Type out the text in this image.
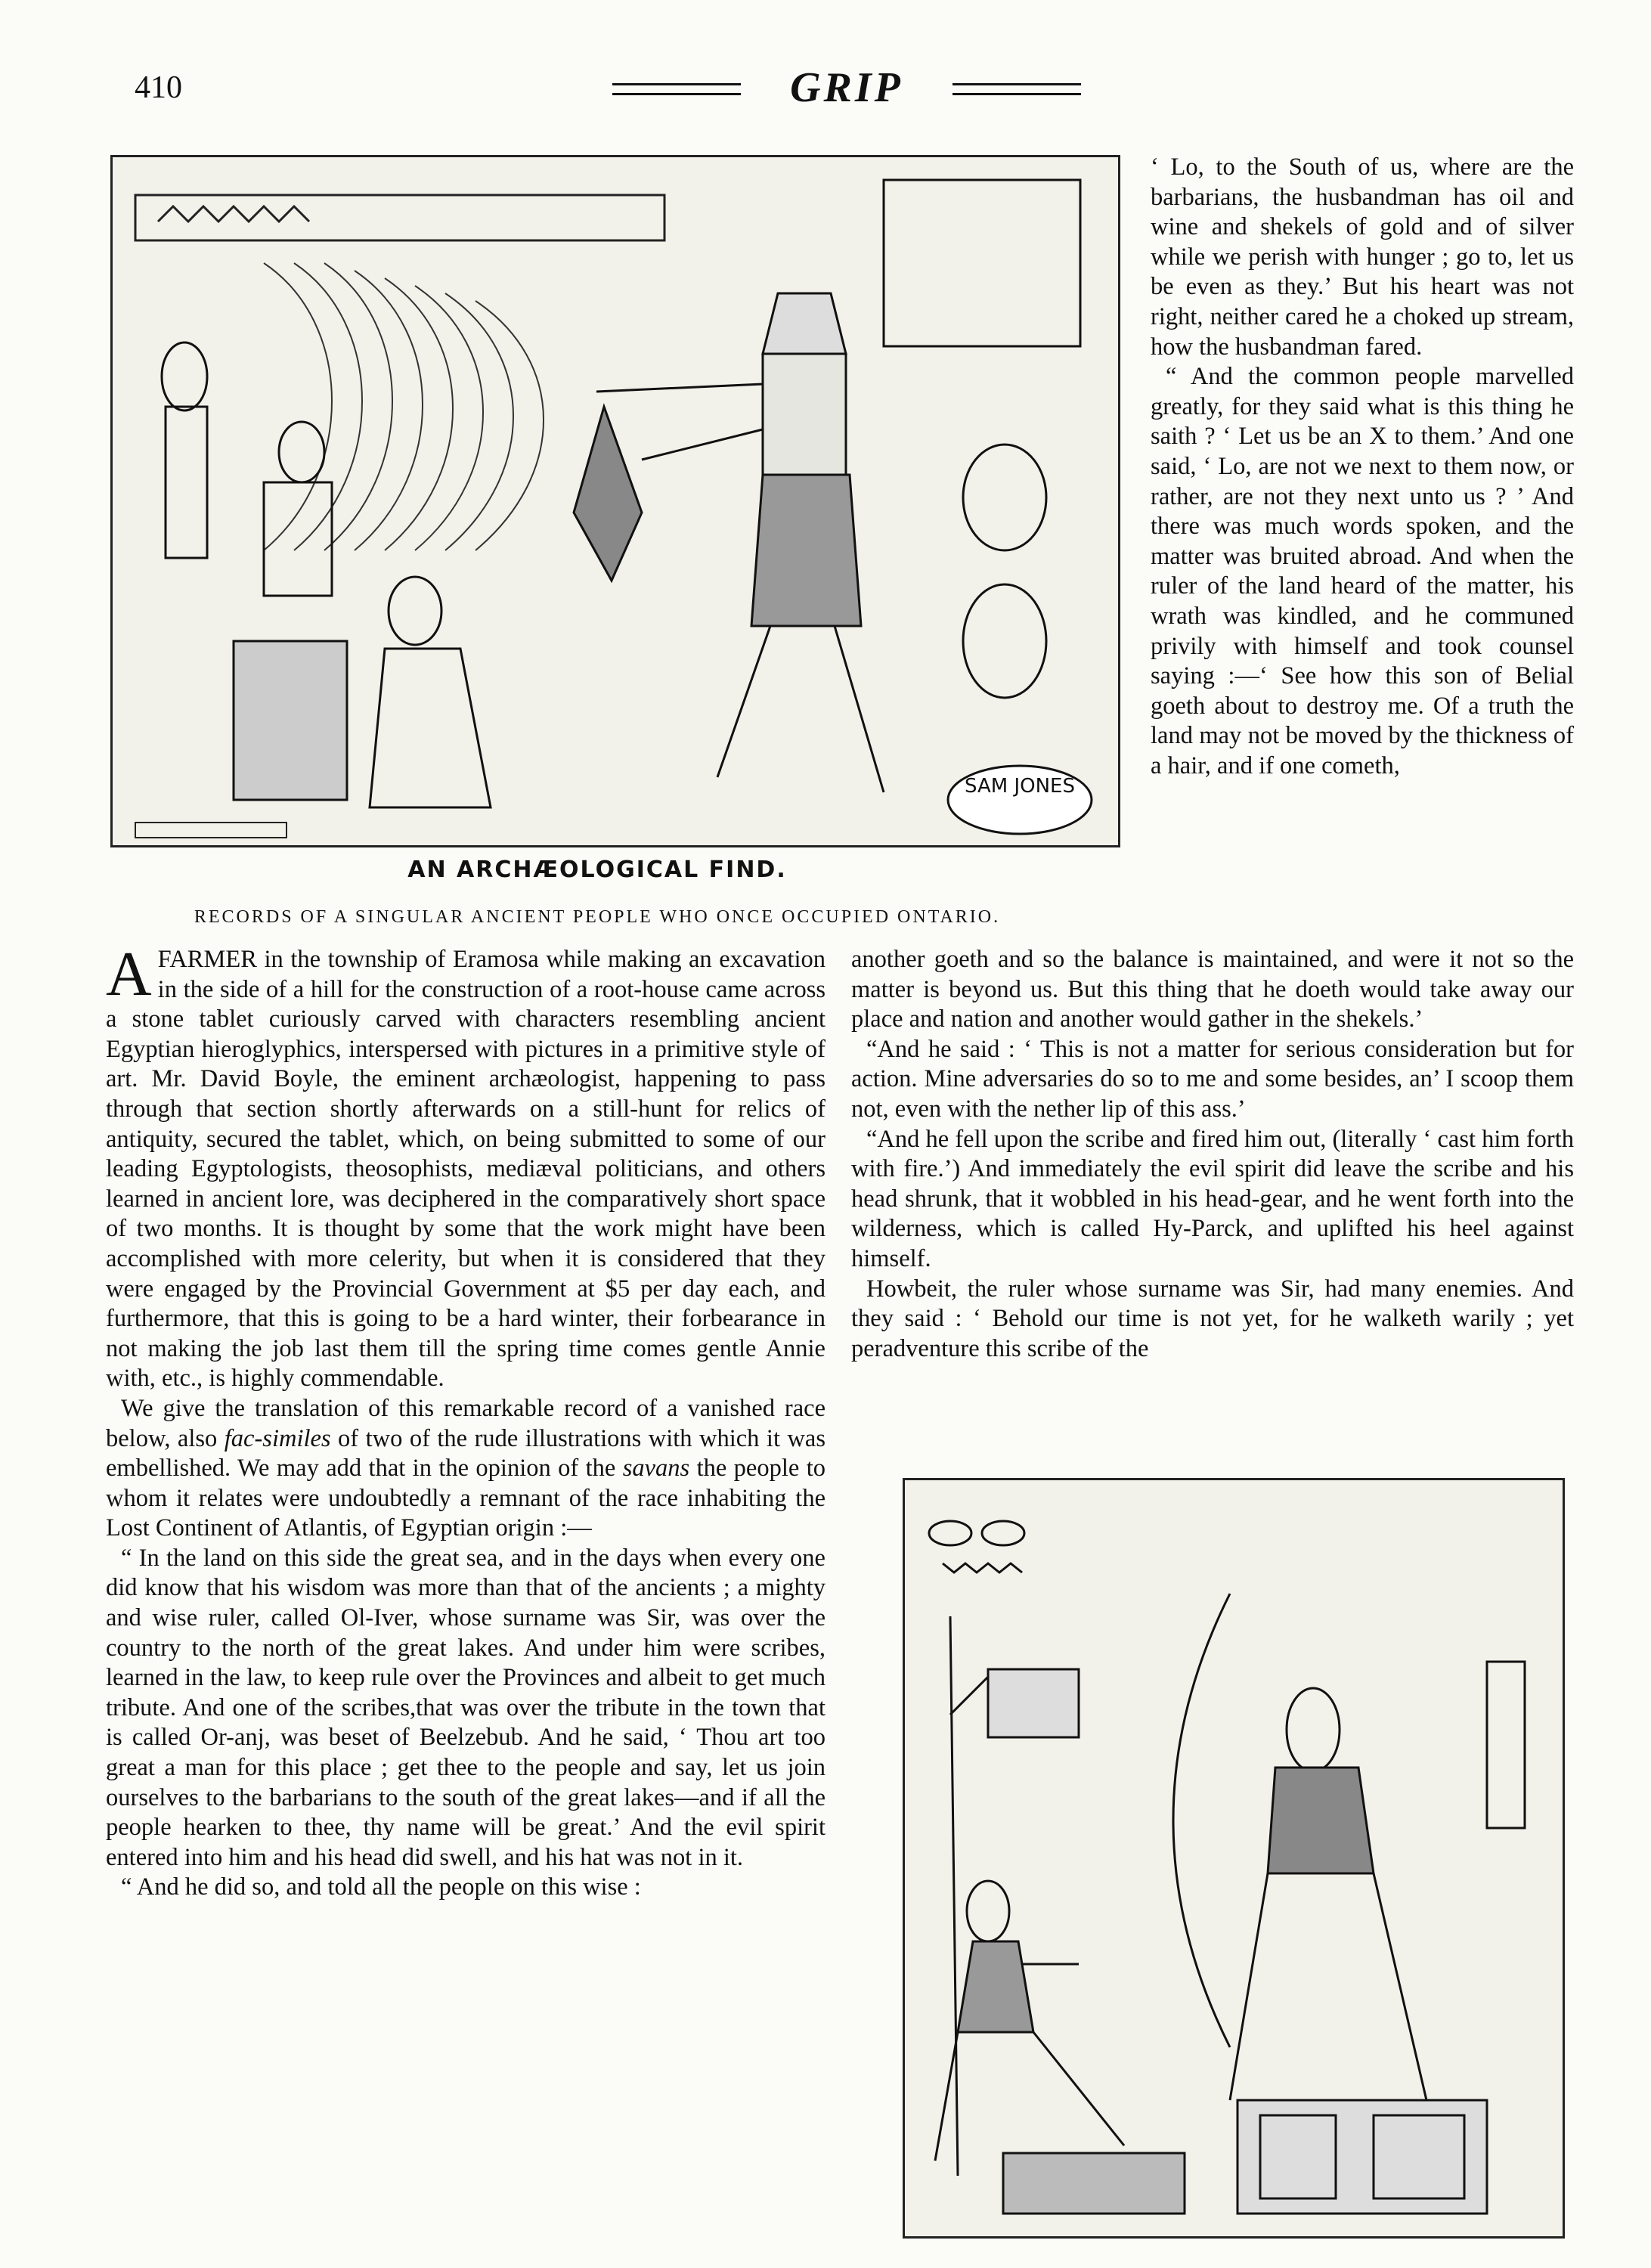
410	GRIP
SAM JONES
AN ARCHÆOLOGICAL FIND.
RECORDS OF A SINGULAR ANCIENT PEOPLE WHO ONCE OCCUPIED ONTARIO.

‘ Lo, to the South of us, where are the barbarians, the husbandman has oil and wine and shekels of gold and of silver while we perish with hunger ; go to, let us be even as they.’ But his heart was not right, neither cared he a choked up stream, how the husbandman fared.

“ And the common people marvelled greatly, for they said what is this thing he saith ? ‘ Let us be an X to them.’ And one said, ‘ Lo, are not we next to them now, or rather, are not they next unto us ? ’ And there was much words spoken, and the matter was bruited abroad. And when the ruler of the land heard of the matter, his wrath was kindled, and he communed privily with himself and took counsel saying :—‘ See how this son of Belial goeth about to destroy me. Of a truth the land may not be moved by the thickness of a hair, and if one cometh,

AFARMER in the township of Eramosa while making an excavation in the side of a hill for the construction of a root-house came across a stone tablet curiously carved with characters resembling ancient Egyptian hieroglyphics, interspersed with pictures in a primitive style of art. Mr. David Boyle, the eminent archæologist, happening to pass through that section shortly afterwards on a still-hunt for relics of antiquity, secured the tablet, which, on being submitted to some of our leading Egyptologists, theosophists, mediæval politicians, and others learned in ancient lore, was deciphered in the comparatively short space of two months. It is thought by some that the work might have been accomplished with more celerity, but when it is considered that they were engaged by the Provincial Government at $5 per day each, and furthermore, that this is going to be a hard winter, their forbearance in not making the job last them till the spring time comes gentle Annie with, etc., is highly commendable.

We give the translation of this remarkable record of a vanished race below, also fac-similes of two of the rude illustrations with which it was embellished. We may add that in the opinion of the savans the people to whom it relates were undoubtedly a remnant of the race inhabiting the Lost Continent of Atlantis, of Egyptian origin :—

“ In the land on this side the great sea, and in the days when every one did know that his wisdom was more than that of the ancients ; a mighty and wise ruler, called Ol-Iver, whose surname was Sir, was over the country to the north of the great lakes. And under him were scribes, learned in the law, to keep rule over the Provinces and albeit to get much tribute. And one of the scribes,that was over the tribute in the town that is called Or-anj, was beset of Beelzebub. And he said, ‘ Thou art too great a man for this place ; get thee to the people and say, let us join ourselves to the barbarians to the south of the great lakes—and if all the people hearken to thee, thy name will be great.’ And the evil spirit entered into him and his head did swell, and his hat was not in it.

“ And he did so, and told all the people on this wise :

another goeth and so the balance is maintained, and were it not so the matter is beyond us. But this thing that he doeth would take away our place and nation and another would gather in the shekels.’

“And he said : ‘ This is not a matter for serious consideration but for action. Mine adversaries do so to me and some besides, an’ I scoop them not, even with the nether lip of this ass.’

“And he fell upon the scribe and fired him out, (literally ‘ cast him forth with fire.’) And immediately the evil spirit did leave the scribe and his head shrunk, that it wobbled in his head-gear, and he went forth into the wilderness, which is called Hy-Parck, and uplifted his heel against himself.

Howbeit, the ruler whose surname was Sir, had many enemies. And they said : ‘ Behold our time is not yet, for he walketh warily ; yet peradventure this scribe of the
